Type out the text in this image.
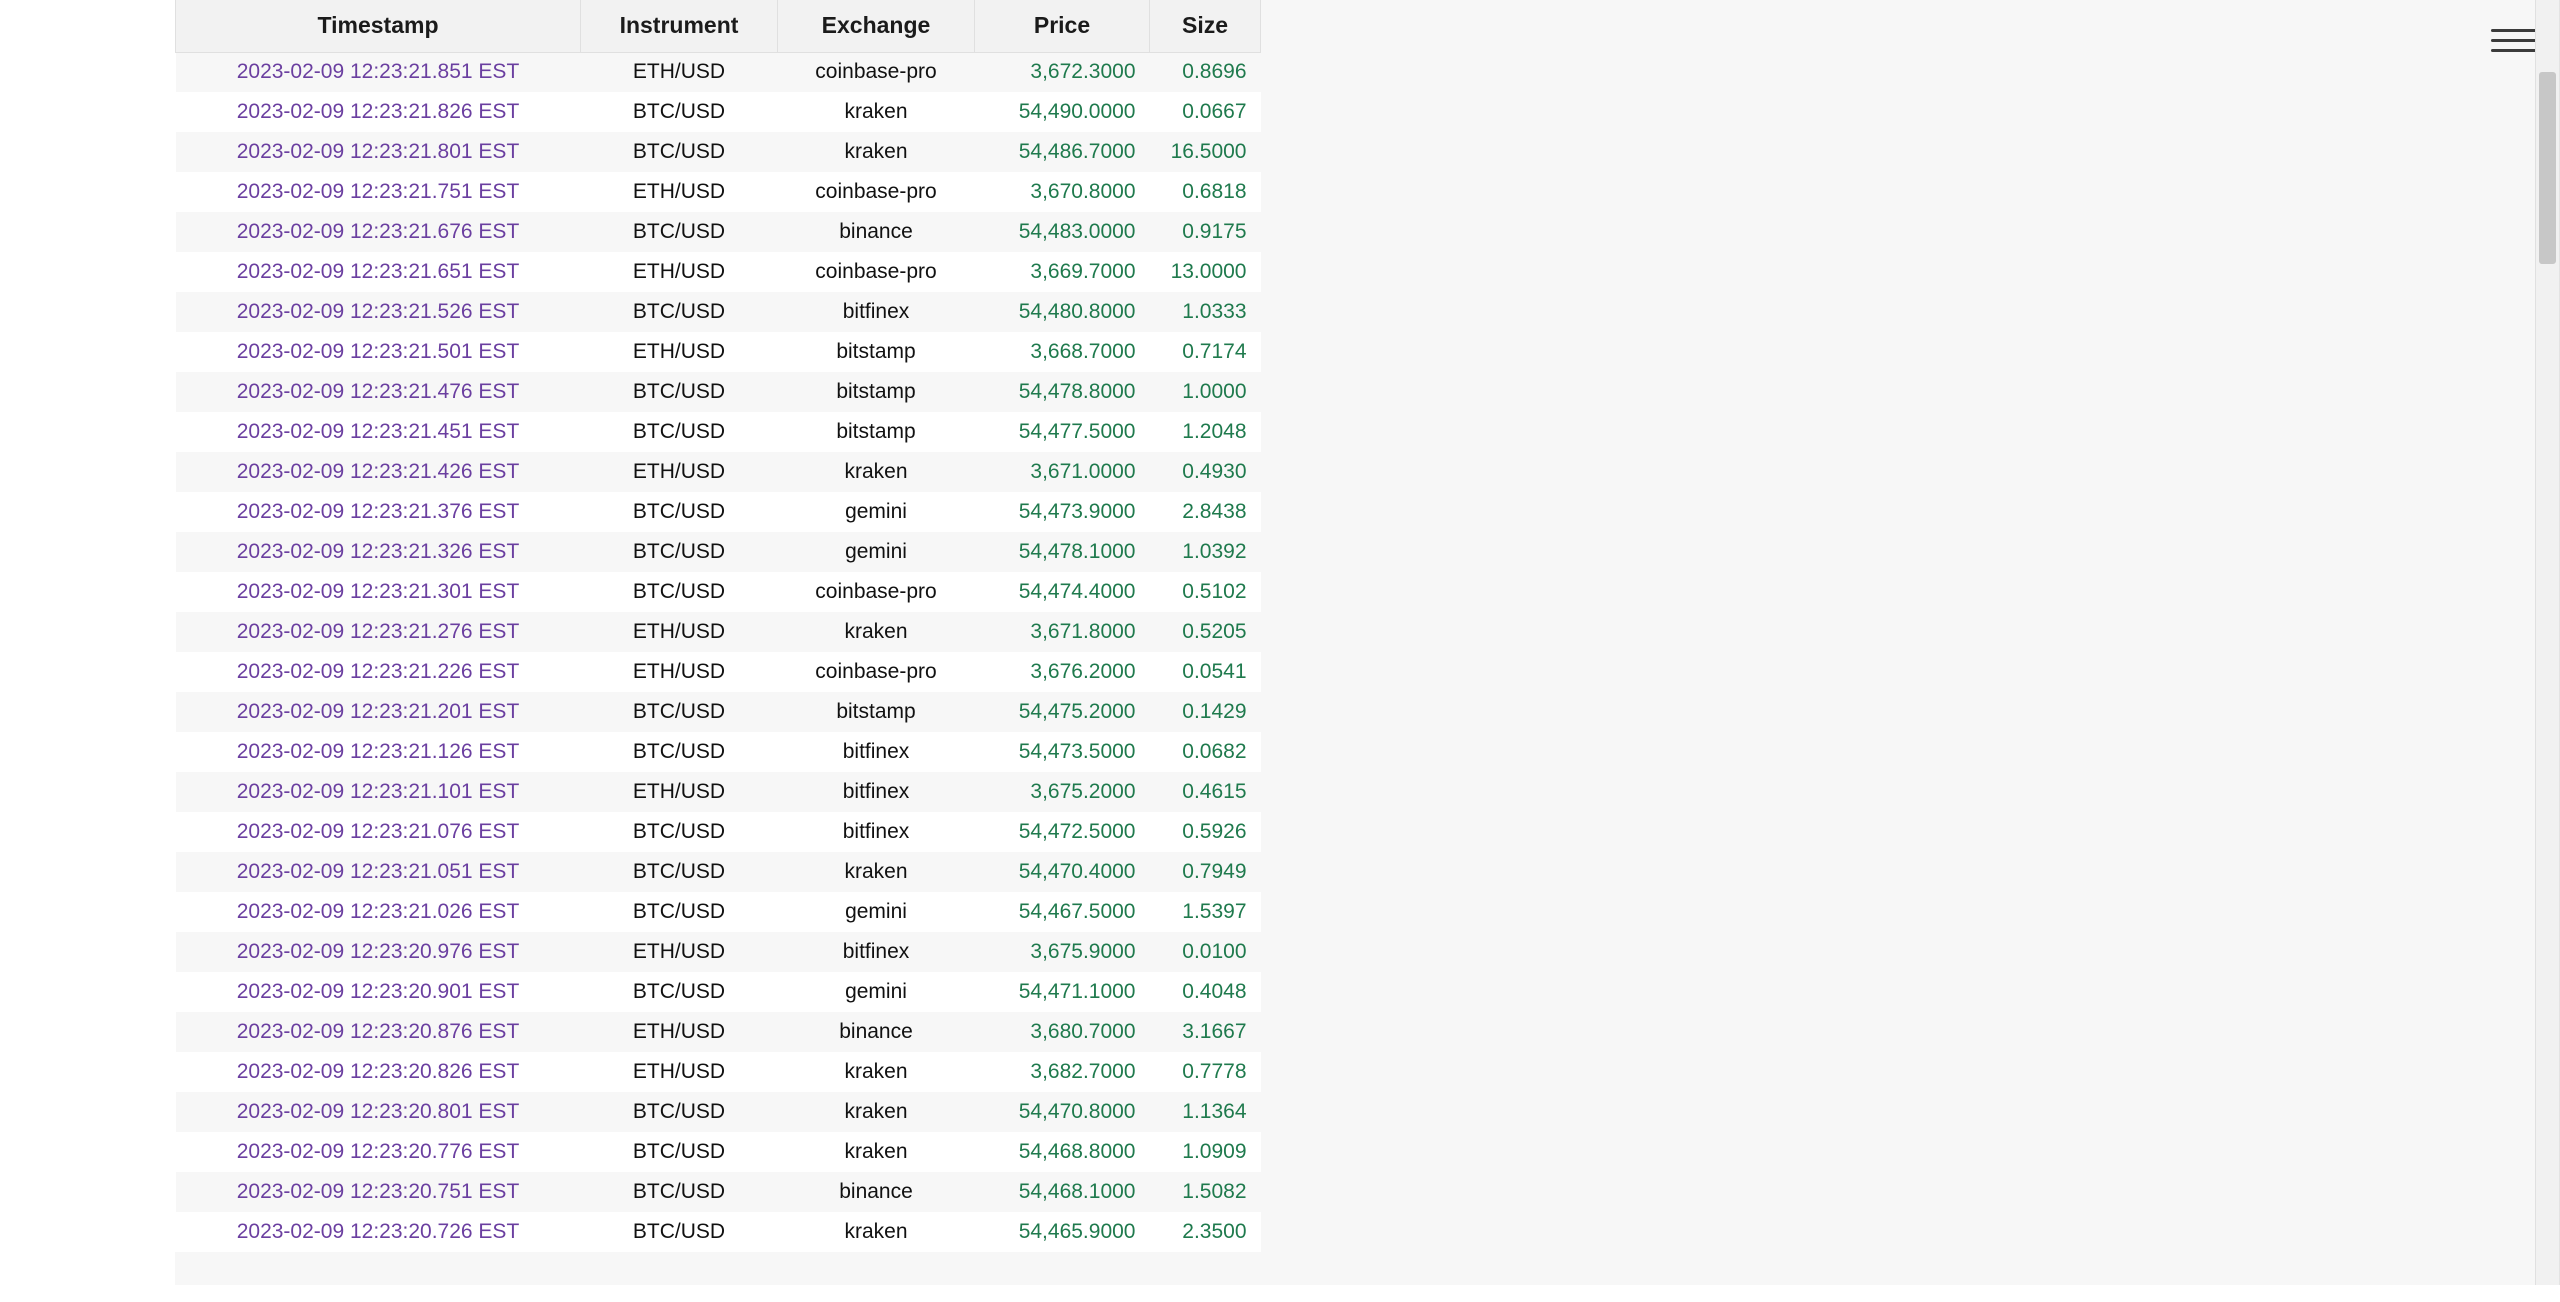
Timestamp	Instrument	Exchange	Price	Size
2023-02-09 12:23:21.851 EST	ETH/USD	coinbase-pro	3,672.3000	0.8696
2023-02-09 12:23:21.826 EST	BTC/USD	kraken	54,490.0000	0.0667
2023-02-09 12:23:21.801 EST	BTC/USD	kraken	54,486.7000	16.5000
2023-02-09 12:23:21.751 EST	ETH/USD	coinbase-pro	3,670.8000	0.6818
2023-02-09 12:23:21.676 EST	BTC/USD	binance	54,483.0000	0.9175
2023-02-09 12:23:21.651 EST	ETH/USD	coinbase-pro	3,669.7000	13.0000
2023-02-09 12:23:21.526 EST	BTC/USD	bitfinex	54,480.8000	1.0333
2023-02-09 12:23:21.501 EST	ETH/USD	bitstamp	3,668.7000	0.7174
2023-02-09 12:23:21.476 EST	BTC/USD	bitstamp	54,478.8000	1.0000
2023-02-09 12:23:21.451 EST	BTC/USD	bitstamp	54,477.5000	1.2048
2023-02-09 12:23:21.426 EST	ETH/USD	kraken	3,671.0000	0.4930
2023-02-09 12:23:21.376 EST	BTC/USD	gemini	54,473.9000	2.8438
2023-02-09 12:23:21.326 EST	BTC/USD	gemini	54,478.1000	1.0392
2023-02-09 12:23:21.301 EST	BTC/USD	coinbase-pro	54,474.4000	0.5102
2023-02-09 12:23:21.276 EST	ETH/USD	kraken	3,671.8000	0.5205
2023-02-09 12:23:21.226 EST	ETH/USD	coinbase-pro	3,676.2000	0.0541
2023-02-09 12:23:21.201 EST	BTC/USD	bitstamp	54,475.2000	0.1429
2023-02-09 12:23:21.126 EST	BTC/USD	bitfinex	54,473.5000	0.0682
2023-02-09 12:23:21.101 EST	ETH/USD	bitfinex	3,675.2000	0.4615
2023-02-09 12:23:21.076 EST	BTC/USD	bitfinex	54,472.5000	0.5926
2023-02-09 12:23:21.051 EST	BTC/USD	kraken	54,470.4000	0.7949
2023-02-09 12:23:21.026 EST	BTC/USD	gemini	54,467.5000	1.5397
2023-02-09 12:23:20.976 EST	ETH/USD	bitfinex	3,675.9000	0.0100
2023-02-09 12:23:20.901 EST	BTC/USD	gemini	54,471.1000	0.4048
2023-02-09 12:23:20.876 EST	ETH/USD	binance	3,680.7000	3.1667
2023-02-09 12:23:20.826 EST	ETH/USD	kraken	3,682.7000	0.7778
2023-02-09 12:23:20.801 EST	BTC/USD	kraken	54,470.8000	1.1364
2023-02-09 12:23:20.776 EST	BTC/USD	kraken	54,468.8000	1.0909
2023-02-09 12:23:20.751 EST	BTC/USD	binance	54,468.1000	1.5082
2023-02-09 12:23:20.726 EST	BTC/USD	kraken	54,465.9000	2.3500
